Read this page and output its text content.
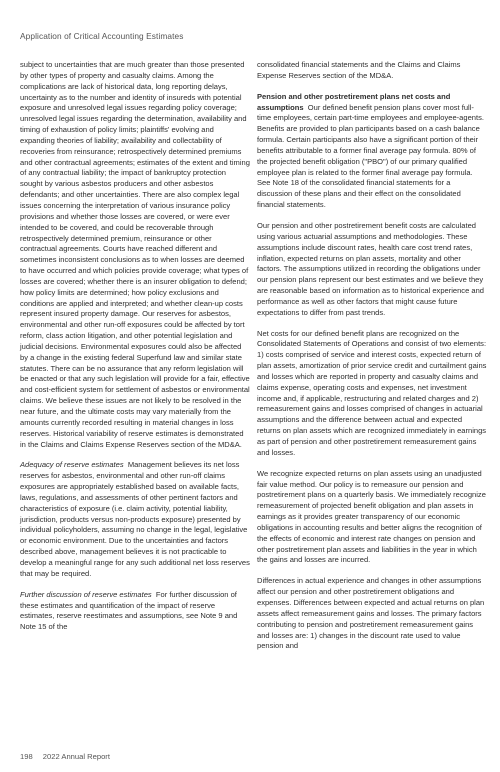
Application of Critical Accounting Estimates

subject to uncertainties that are much greater than those presented by other types of property and casualty claims. Among the complications are lack of historical data, long reporting delays, uncertainty as to the number and identity of insureds with potential exposure and unresolved legal issues regarding policy coverage; unresolved legal issues regarding the determination, availability and timing of exhaustion of policy limits; plaintiffs' evolving and expanding theories of liability; availability and collectability of recoveries from reinsurance; retrospectively determined premiums and other contractual agreements; estimates of the extent and timing of any contractual liability; the impact of bankruptcy protection sought by various asbestos producers and other asbestos defendants; and other uncertainties. There are also complex legal issues concerning the interpretation of various insurance policy provisions and whether those losses are covered, or were ever intended to be covered, and could be recoverable through retrospectively determined premium, reinsurance or other contractual agreements. Courts have reached different and sometimes inconsistent conclusions as to when losses are deemed to have occurred and which policies provide coverage; what types of losses are covered; whether there is an insurer obligation to defend; how policy limits are determined; how policy exclusions and conditions are applied and interpreted; and whether clean-up costs represent insured property damage. Our reserves for asbestos, environmental and other run-off exposures could be affected by tort reform, class action litigation, and other potential legislation and judicial decisions. Environmental exposures could also be affected by a change in the existing federal Superfund law and similar state statutes. There can be no assurance that any reform legislation will be enacted or that any such legislation will provide for a fair, effective and cost-efficient system for settlement of asbestos or environmental claims. We believe these issues are not likely to be resolved in the near future, and the ultimate costs may vary materially from the amounts currently recorded resulting in material changes in loss reserves. Historical variability of reserve estimates is demonstrated in the Claims and Claims Expense Reserves section of the MD&A.

Adequacy of reserve estimates Management believes its net loss reserves for asbestos, environmental and other run-off claims exposures are appropriately established based on available facts, laws, regulations, and assessments of other pertinent factors and characteristics of exposure (i.e. claim activity, potential liability, jurisdiction, products versus non-products exposure) presented by individual policyholders, assuming no change in the legal, legislative or economic environment. Due to the uncertainties and factors described above, management believes it is not practicable to develop a meaningful range for any such additional net loss reserves that may be required.

Further discussion of reserve estimates For further discussion of these estimates and quantification of the impact of reserve estimates, reserve reestimates and assumptions, see Note 9 and Note 15 of the

consolidated financial statements and the Claims and Claims Expense Reserves section of the MD&A.

Pension and other postretirement plans net costs and assumptions Our defined benefit pension plans cover most full-time employees, certain part-time employees and employee-agents. Benefits are provided to plan participants based on a cash balance formula. Certain participants also have a significant portion of their benefits attributable to a former final average pay formula. 80% of the projected benefit obligation ("PBO") of our primary qualified employee plan is related to the former final average pay formula. See Note 18 of the consolidated financial statements for a discussion of these plans and their effect on the consolidated financial statements.

Our pension and other postretirement benefit costs are calculated using various actuarial assumptions and methodologies. These assumptions include discount rates, health care cost trend rates, inflation, expected returns on plan assets, mortality and other factors. The assumptions utilized in recording the obligations under our pension plans represent our best estimates and we believe they are reasonable based on information as to historical experience and performance as well as other factors that might cause future expectations to differ from past trends.

Net costs for our defined benefit plans are recognized on the Consolidated Statements of Operations and consist of two elements: 1) costs comprised of service and interest costs, expected return of plan assets, amortization of prior service credit and curtailment gains and losses which are reported in property and casualty claims and claims expense, operating costs and expenses, net investment income and, if applicable, restructuring and related charges and 2) remeasurement gains and losses comprised of changes in actuarial assumptions and the difference between actual and expected returns on plan assets which are recognized immediately in earnings as part of pension and other postretirement remeasurement gains and losses.

We recognize expected returns on plan assets using an unadjusted fair value method. Our policy is to remeasure our pension and postretirement plans on a quarterly basis. We immediately recognize remeasurement of projected benefit obligation and plan assets in earnings as it provides greater transparency of our economic obligations in accounting results and better aligns the recognition of the effects of economic and interest rate changes on pension and other postretirement plan assets and liabilities in the year in which the gains and losses are incurred.

Differences in actual experience and changes in other assumptions affect our pension and other postretirement obligations and expenses. Differences between expected and actual returns on plan assets affect remeasurement gains and losses. The primary factors contributing to pension and postretirement remeasurement gains and losses are: 1) changes in the discount rate used to value pension and

198 2022 Annual Report
